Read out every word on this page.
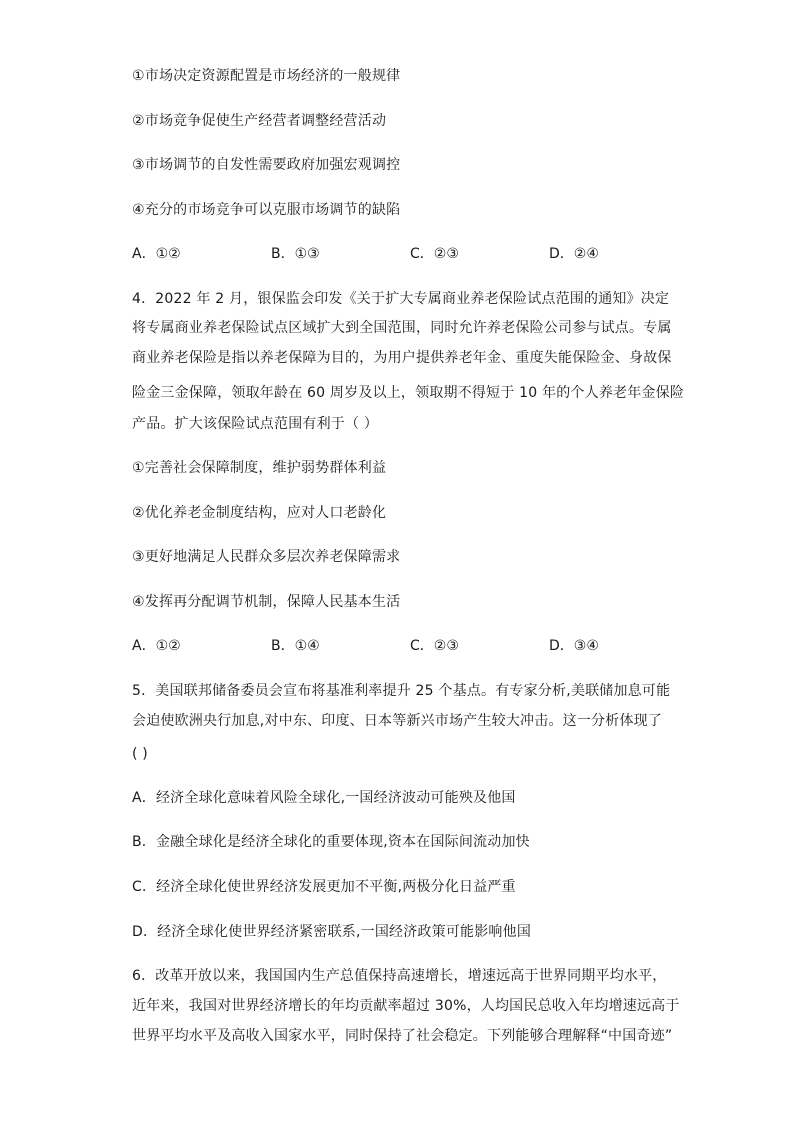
①市场决定资源配置是市场经济的一般规律
②市场竞争促使生产经营者调整经营活动
③市场调节的自发性需要政府加强宏观调控
④充分的市场竞争可以克服市场调节的缺陷
A．①②	B．①③	C．②③	D．②④
4．2022 年 2 月，银保监会印发《关于扩大专属商业养老保险试点范围的通知》决定
将专属商业养老保险试点区域扩大到全国范围，同时允许养老保险公司参与试点。专属
商业养老保险是指以养老保障为目的，为用户提供养老年金、重度失能保险金、身故保
险金三金保障，领取年龄在 60 周岁及以上，领取期不得短于 10 年的个人养老年金保险
产品。扩大该保险试点范围有利于（ ）
①完善社会保障制度，维护弱势群体利益
②优化养老金制度结构，应对人口老龄化
③更好地满足人民群众多层次养老保障需求
④发挥再分配调节机制，保障人民基本生活
A．①②	B．①④	C．②③	D．③④
5．美国联邦储备委员会宣布将基准利率提升 25 个基点。有专家分析,美联储加息可能
会迫使欧洲央行加息,对中东、印度、日本等新兴市场产生较大冲击。这一分析体现了
( )
A．经济全球化意味着风险全球化,一国经济波动可能殃及他国
B．金融全球化是经济全球化的重要体现,资本在国际间流动加快
C．经济全球化使世界经济发展更加不平衡,两极分化日益严重
D．经济全球化使世界经济紧密联系,一国经济政策可能影响他国
6．改革开放以来，我国国内生产总值保持高速增长，增速远高于世界同期平均水平，
近年来，我国对世界经济增长的年均贡献率超过 30%，人均国民总收入年均增速远高于
世界平均水平及高收入国家水平，同时保持了社会稳定。下列能够合理解释“中国奇迹”
